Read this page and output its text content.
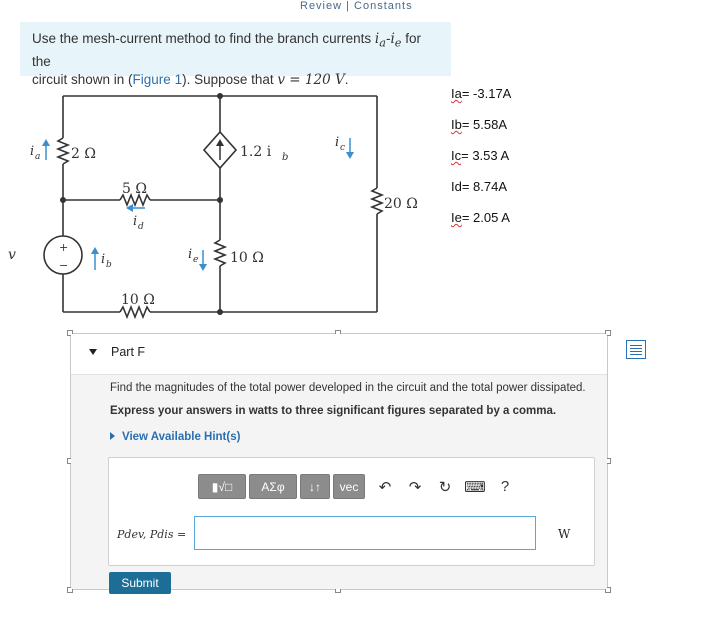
Review | Constants
Use the mesh-current method to find the branch currents $i_a-i_e$ for the
circuit shown in (Figure 1). Suppose that v = 120 V.
Ia= -3.17A
Ib= 5.58A
Ic= 3.53 A
Id= 8.74A
Ie= 2.05 A
2 Ω
5 Ω
10 Ω
10 Ω
20 Ω
1.2 i b
+
−
v
i a
i b
i d
i e
i c
Part F
Find the magnitudes of the total power developed in the circuit and the total power dissipated.
Express your answers in watts to three significant figures separated by a comma.
View Available Hint(s)
▮√□	ΑΣφ	↓↑	vec	↶	↷	↻ ⌨	?
Pdev, Pdis =	W
Submit
